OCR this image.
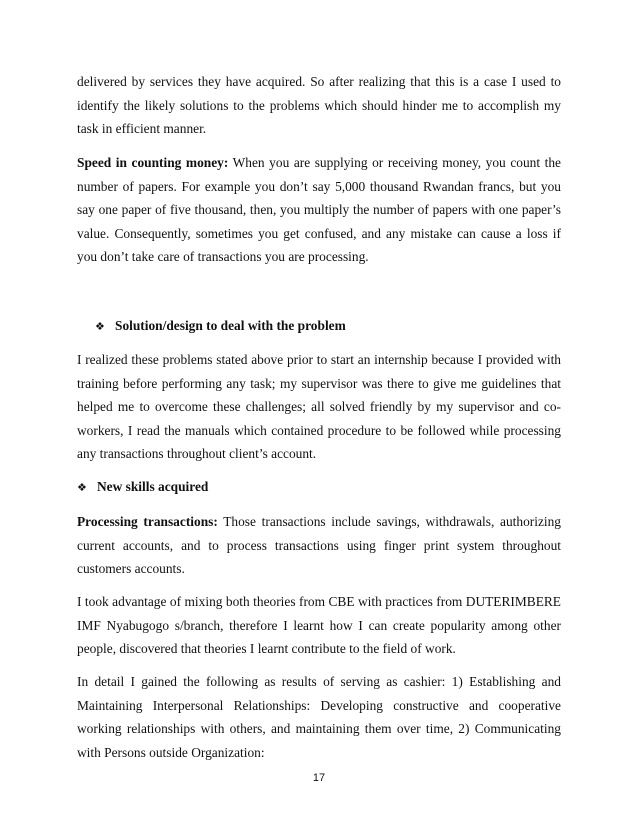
delivered by services they have acquired. So after realizing that this is a case I used to identify the likely solutions to the problems which should hinder me to accomplish my task in efficient manner.

Speed in counting money: When you are supplying or receiving money, you count the number of papers. For example you don’t say 5,000 thousand Rwandan francs, but you say one paper of five thousand, then, you multiply the number of papers with one paper’s value. Consequently, sometimes you get confused, and any mistake can cause a loss if you don’t take care of transactions you are processing.

❖ Solution/design to deal with the problem

I realized these problems stated above prior to start an internship because I provided with training before performing any task; my supervisor was there to give me guidelines that helped me to overcome these challenges; all solved friendly by my supervisor and co-workers, I read the manuals which contained procedure to be followed while processing any transactions throughout client’s account.

❖ New skills acquired

Processing transactions: Those transactions include savings, withdrawals, authorizing current accounts, and to process transactions using finger print system throughout customers accounts.

I took advantage of mixing both theories from CBE with practices from DUTERIMBERE IMF Nyabugogo s/branch, therefore I learnt how I can create popularity among other people, discovered that theories I learnt contribute to the field of work.

In detail I gained the following as results of serving as cashier: 1) Establishing and Maintaining Interpersonal Relationships: Developing constructive and cooperative working relationships with others, and maintaining them over time, 2) Communicating with Persons outside Organization:

17
